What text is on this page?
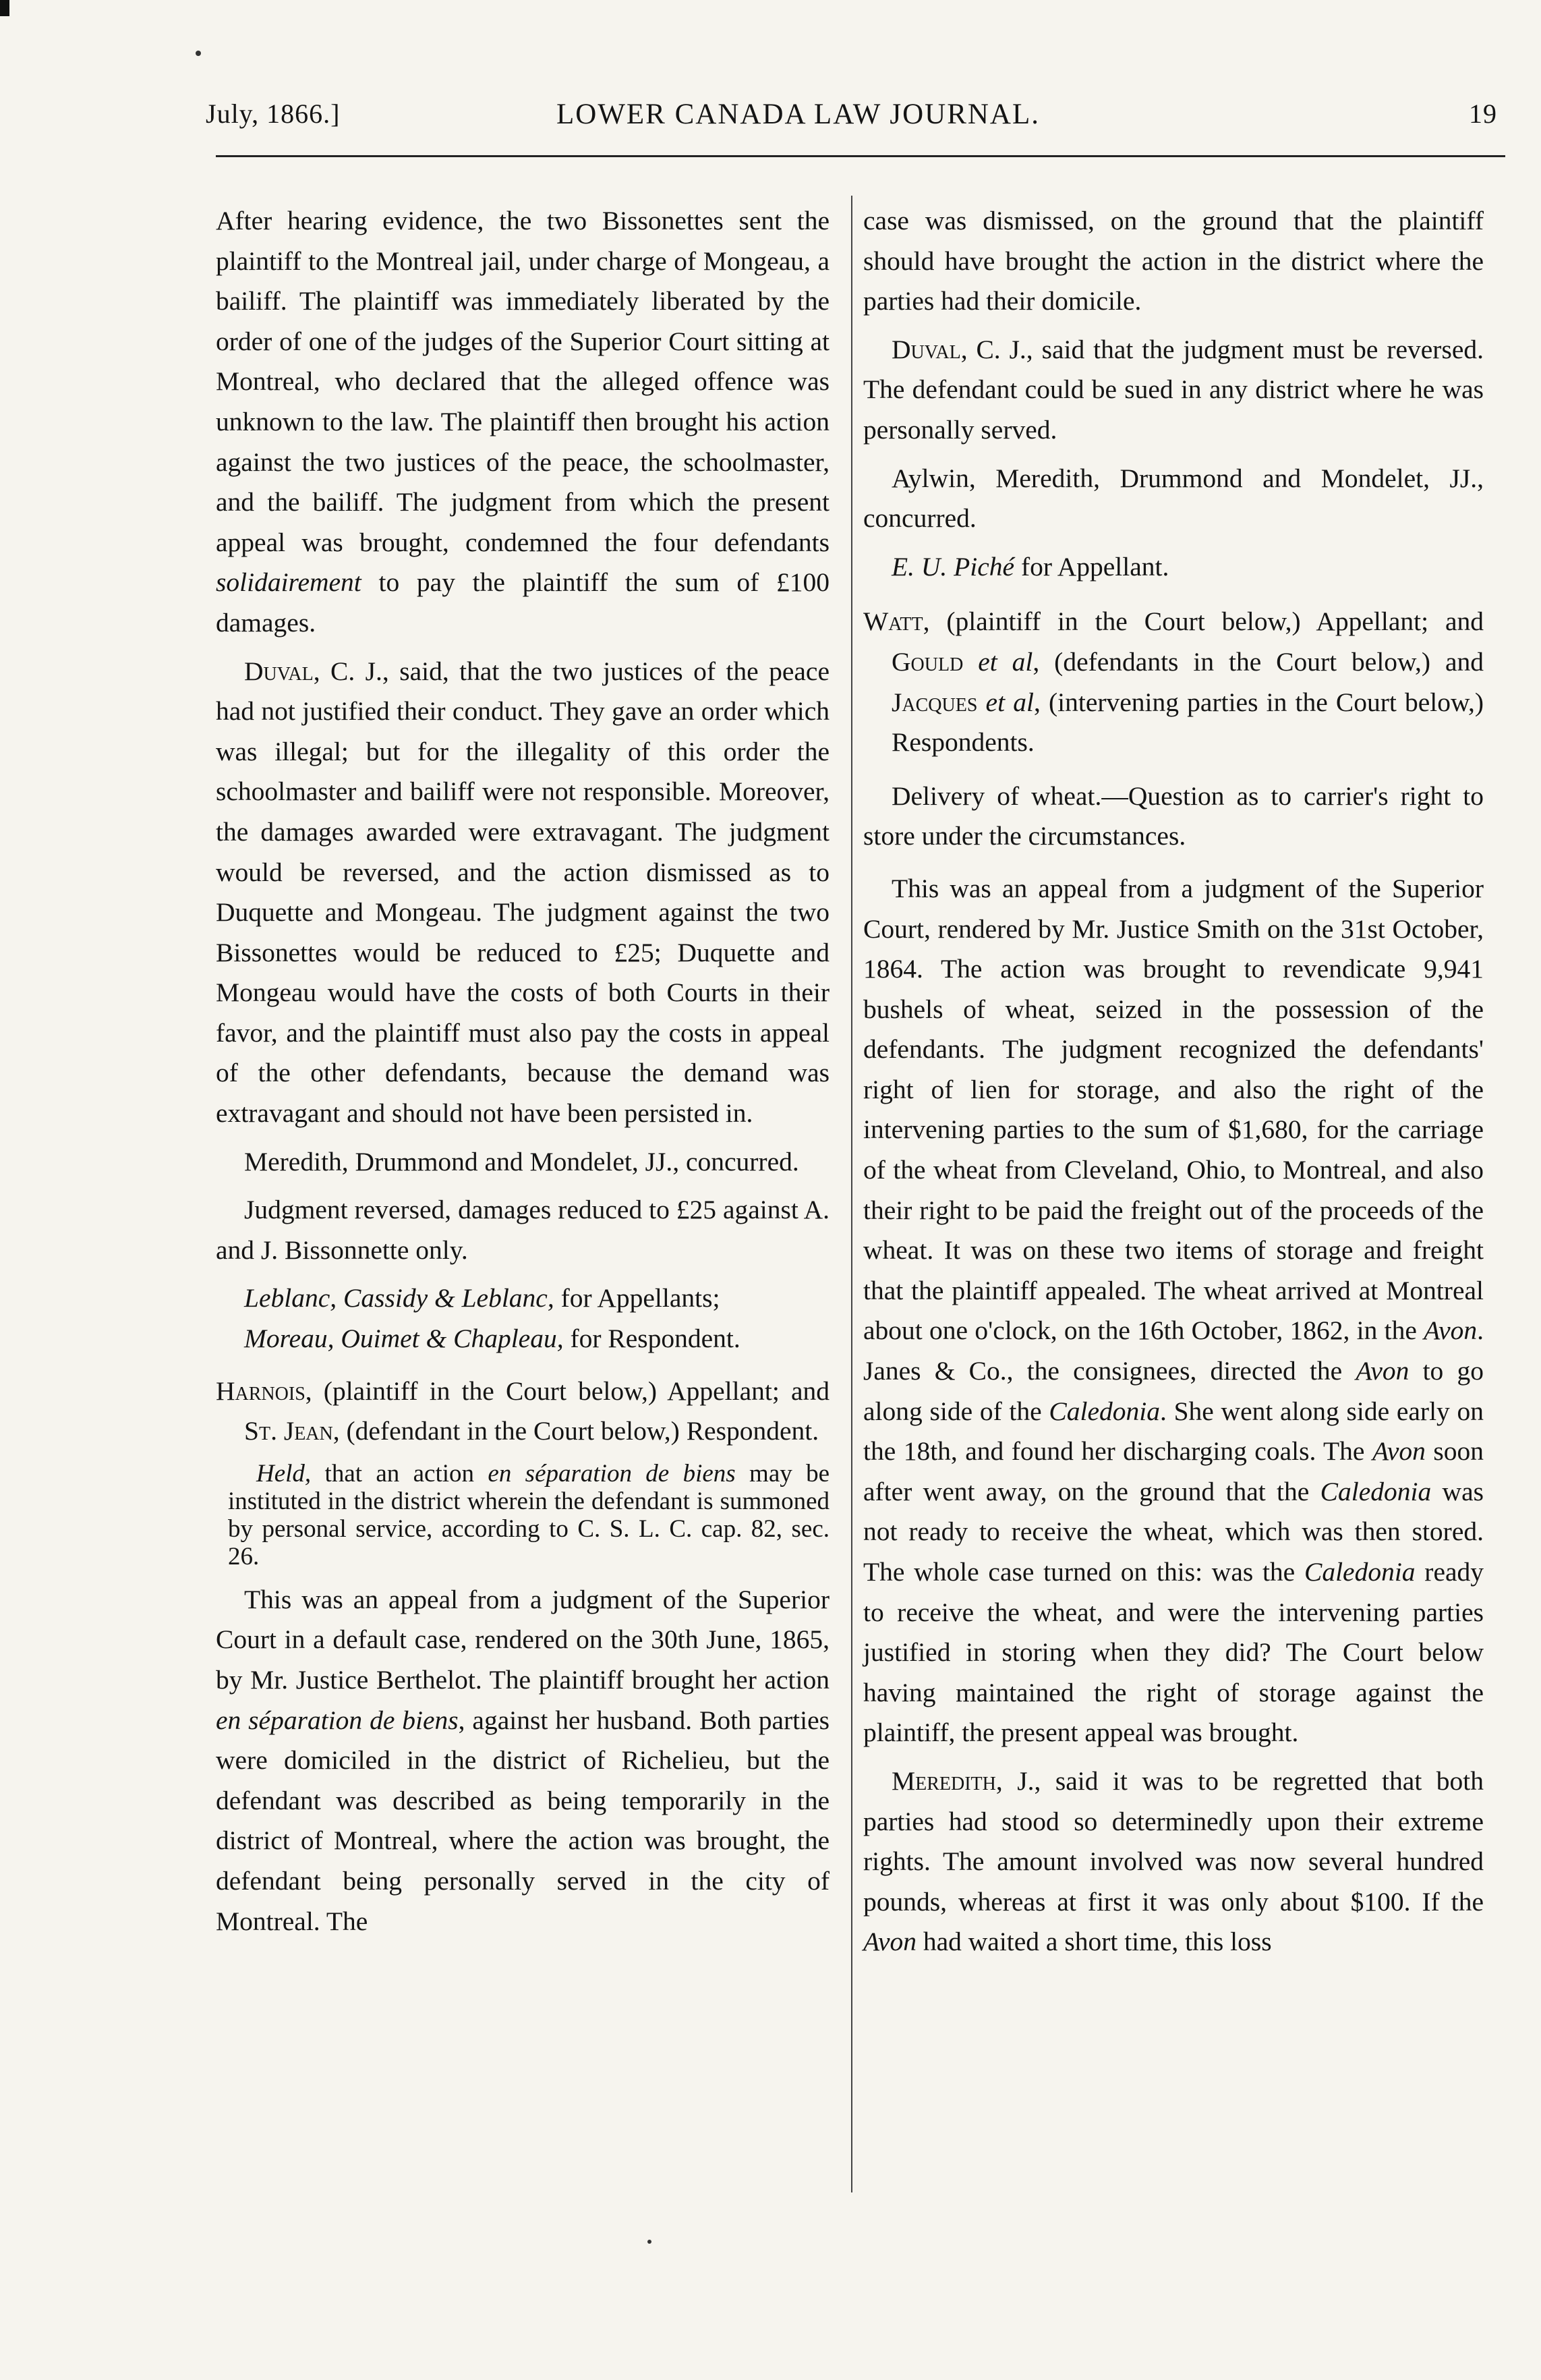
July, 1866.]	LOWER CANADA LAW JOURNAL.	19

After hearing evidence, the two Bissonettes sent the plaintiff to the Montreal jail, under charge of Mongeau, a bailiff. The plaintiff was immediately liberated by the order of one of the judges of the Superior Court sitting at Montreal, who declared that the alleged offence was unknown to the law. The plaintiff then brought his action against the two justices of the peace, the schoolmaster, and the bailiff. The judgment from which the present appeal was brought, condemned the four defendants solidairement to pay the plaintiff the sum of £100 damages.

Duval, C. J., said, that the two justices of the peace had not justified their conduct. They gave an order which was illegal; but for the illegality of this order the schoolmaster and bailiff were not responsible. Moreover, the damages awarded were extravagant. The judgment would be reversed, and the action dismissed as to Duquette and Mongeau. The judgment against the two Bissonettes would be reduced to £25; Duquette and Mongeau would have the costs of both Courts in their favor, and the plaintiff must also pay the costs in appeal of the other defendants, because the demand was extravagant and should not have been persisted in.

Meredith, Drummond and Mondelet, JJ., concurred.

Judgment reversed, damages reduced to £25 against A. and J. Bissonnette only.

Leblanc, Cassidy & Leblanc, for Appellants;

Moreau, Ouimet & Chapleau, for Respondent.

Harnois, (plaintiff in the Court below,) Appellant; and St. Jean, (defendant in the Court below,) Respondent.

Held, that an action en séparation de biens may be instituted in the district wherein the defendant is summoned by personal service, according to C. S. L. C. cap. 82, sec. 26.

This was an appeal from a judgment of the Superior Court in a default case, rendered on the 30th June, 1865, by Mr. Justice Berthelot. The plaintiff brought her action en séparation de biens, against her husband. Both parties were domiciled in the district of Richelieu, but the defendant was described as being temporarily in the district of Montreal, where the action was brought, the defendant being personally served in the city of Montreal. The

case was dismissed, on the ground that the plaintiff should have brought the action in the district where the parties had their domicile.

Duval, C. J., said that the judgment must be reversed. The defendant could be sued in any district where he was personally served.

Aylwin, Meredith, Drummond and Mondelet, JJ., concurred.

E. U. Piché for Appellant.

Watt, (plaintiff in the Court below,) Appellant; and Gould et al, (defendants in the Court below,) and Jacques et al, (intervening parties in the Court below,) Respondents.

Delivery of wheat.—Question as to carrier's right to store under the circumstances.

This was an appeal from a judgment of the Superior Court, rendered by Mr. Justice Smith on the 31st October, 1864. The action was brought to revendicate 9,941 bushels of wheat, seized in the possession of the defendants. The judgment recognized the defendants' right of lien for storage, and also the right of the intervening parties to the sum of $1,680, for the carriage of the wheat from Cleveland, Ohio, to Montreal, and also their right to be paid the freight out of the proceeds of the wheat. It was on these two items of storage and freight that the plaintiff appealed. The wheat arrived at Montreal about one o'clock, on the 16th October, 1862, in the Avon. Janes & Co., the consignees, directed the Avon to go along side of the Caledonia. She went along side early on the 18th, and found her discharging coals. The Avon soon after went away, on the ground that the Caledonia was not ready to receive the wheat, which was then stored. The whole case turned on this: was the Caledonia ready to receive the wheat, and were the intervening parties justified in storing when they did? The Court below having maintained the right of storage against the plaintiff, the present appeal was brought.

Meredith, J., said it was to be regretted that both parties had stood so determinedly upon their extreme rights. The amount involved was now several hundred pounds, whereas at first it was only about $100. If the Avon had waited a short time, this loss
